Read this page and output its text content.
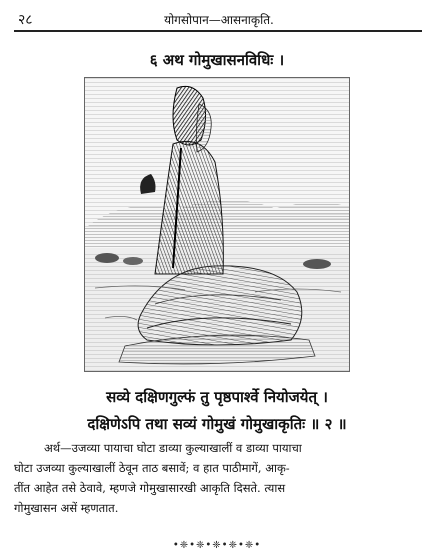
२८	योगसोपान—आसनाकृति.
६ अथ गोमुखासनविधिः ।
सव्ये दक्षिणगुल्फं तु पृष्ठपार्श्वे नियोजयेत् ।
दक्षिणेऽपि तथा सव्यं गोमुखं गोमुखाकृतिः ॥ २ ॥
अर्थ—उजव्या पायाचा घोटा डाव्या कुल्याखालीं व डाव्या पायाचा
घोटा उजव्या कुल्याखालीं ठेवून ताठ बसावें; व हात पाठीमागें, आकृ-
तींत आहेत तसे ठेवावे, म्हणजे गोमुखासारखी आकृति दिसते. त्यास
गोमुखासन असें म्हणतात.
•❈•❈•❈•❈•❈•
